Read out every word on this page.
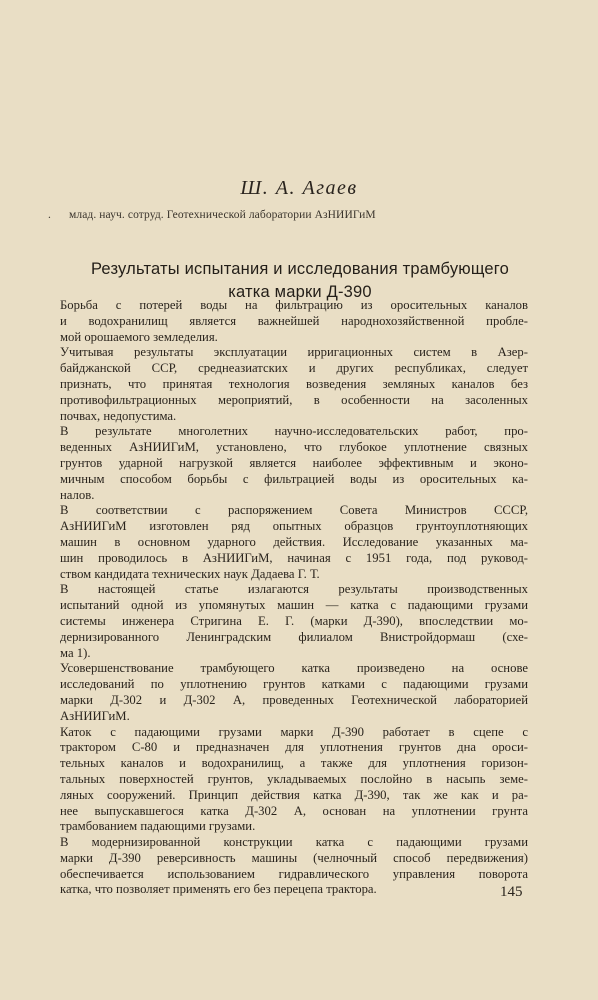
Ш. А. Агаев
. млад. науч. сотруд. Геотехнической лаборатории АзНИИГиМ
Результаты испытания и исследования трамбующего
катка марки Д-390

Борьба с потерей воды на фильтрацию из оросительных каналов
и водохранилищ является важнейшей народнохозяйственной пробле-
мой орошаемого земледелия.

Учитывая результаты эксплуатации ирригационных систем в Азер-
байджанской ССР, среднеазиатских и других республиках, следует
признать, что принятая технология возведения земляных каналов без
противофильтрационных мероприятий, в особенности на засоленных
почвах, недопустима.

В результате многолетних научно-исследовательских работ, про-
веденных АзНИИГиМ, установлено, что глубокое уплотнение связных
грунтов ударной нагрузкой является наиболее эффективным и эконо-
мичным способом борьбы с фильтрацией воды из оросительных ка-
налов.

В соответствии с распоряжением Совета Министров СССР,
АзНИИГиМ изготовлен ряд опытных образцов грунтоуплотняющих
машин в основном ударного действия. Исследование указанных ма-
шин проводилось в АзНИИГиМ, начиная с 1951 года, под руковод-
ством кандидата технических наук Дадаева Г. Т.

В настоящей статье излагаются результаты производственных
испытаний одной из упомянутых машин — катка с падающими грузами
системы инженера Стригина Е. Г. (марки Д-390), впоследствии мо-
дернизированного Ленинградским филиалом Внистройдормаш (схе-
ма 1).

Усовершенствование трамбующего катка произведено на основе
исследований по уплотнению грунтов катками с падающими грузами
марки Д-302 и Д-302 А, проведенных Геотехнической лабораторией
АзНИИГиМ.

Каток с падающими грузами марки Д-390 работает в сцепе с
трактором С-80 и предназначен для уплотнения грунтов дна ороси-
тельных каналов и водохранилищ, а также для уплотнения горизон-
тальных поверхностей грунтов, укладываемых послойно в насыпь земе-
ляных сооружений. Принцип действия катка Д-390, так же как и ра-
нее выпускавшегося катка Д-302 А, основан на уплотнении грунта
трамбованием падающими грузами.

В модернизированной конструкции катка с падающими грузами
марки Д-390 реверсивность машины (челночный способ передвижения)
обеспечивается использованием гидравлического управления поворота
катка, что позволяет применять его без перецепа трактора.	145
